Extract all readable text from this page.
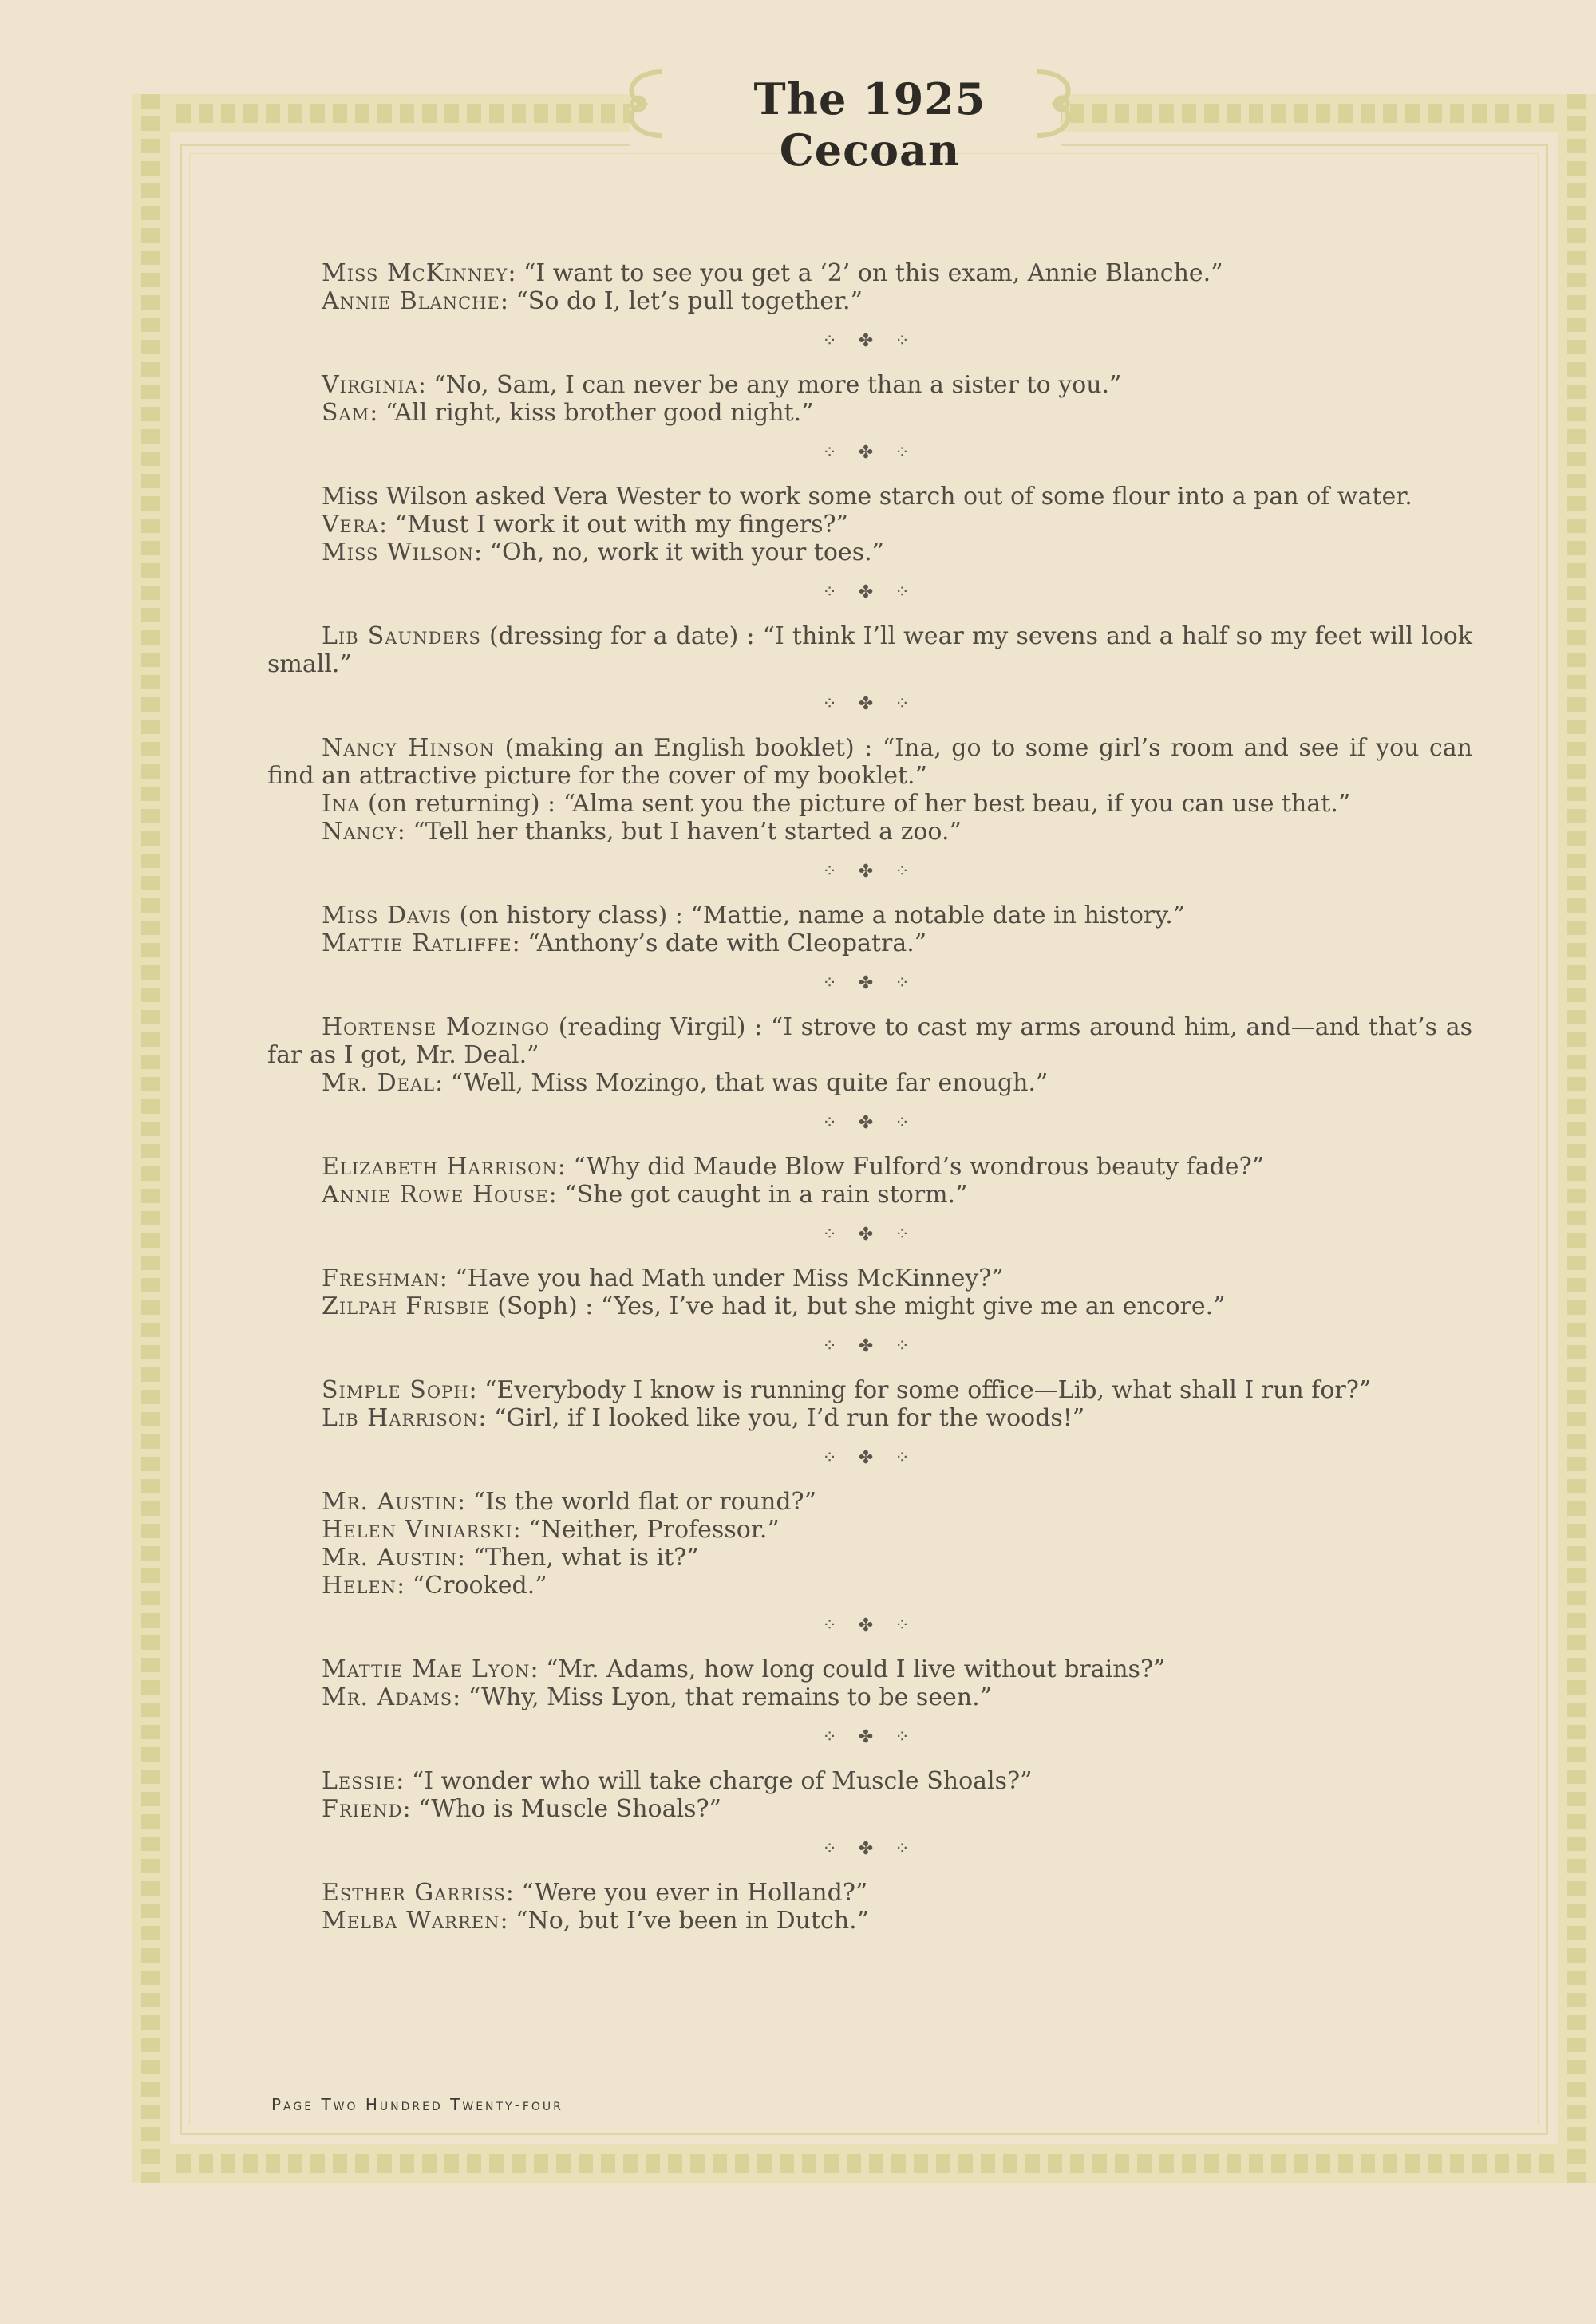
The 1925 Cecoan
Miss McKinney: “I want to see you get a ‘2’ on this exam, Annie Blanche.”
Annie Blanche: “So do I, let’s pull together.”
⁘ ✤ ⁘
Virginia: “No, Sam, I can never be any more than a sister to you.”
Sam: “All right, kiss brother good night.”
⁘ ✤ ⁘
Miss Wilson asked Vera Wester to work some starch out of some flour into a pan of water.
Vera: “Must I work it out with my fingers?”
Miss Wilson: “Oh, no, work it with your toes.”
⁘ ✤ ⁘
Lib Saunders (dressing for a date) : “I think I’ll wear my sevens and a half so my feet will look small.”
⁘ ✤ ⁘
Nancy Hinson (making an English booklet) : “Ina, go to some girl’s room and see if you can find an attractive picture for the cover of my booklet.”
Ina (on returning) : “Alma sent you the picture of her best beau, if you can use that.”
Nancy: “Tell her thanks, but I haven’t started a zoo.”
⁘ ✤ ⁘
Miss Davis (on history class) : “Mattie, name a notable date in history.”
Mattie Ratliffe: “Anthony’s date with Cleopatra.”
⁘ ✤ ⁘
Hortense Mozingo (reading Virgil) : “I strove to cast my arms around him, and—and that’s as far as I got, Mr. Deal.”
Mr. Deal: “Well, Miss Mozingo, that was quite far enough.”
⁘ ✤ ⁘
Elizabeth Harrison: “Why did Maude Blow Fulford’s wondrous beauty fade?”
Annie Rowe House: “She got caught in a rain storm.”
⁘ ✤ ⁘
Freshman: “Have you had Math under Miss McKinney?”
Zilpah Frisbie (Soph) : “Yes, I’ve had it, but she might give me an encore.”
⁘ ✤ ⁘
Simple Soph: “Everybody I know is running for some office—Lib, what shall I run for?”
Lib Harrison: “Girl, if I looked like you, I’d run for the woods!”
⁘ ✤ ⁘
Mr. Austin: “Is the world flat or round?”
Helen Viniarski: “Neither, Professor.”
Mr. Austin: “Then, what is it?”
Helen: “Crooked.”
⁘ ✤ ⁘
Mattie Mae Lyon: “Mr. Adams, how long could I live without brains?”
Mr. Adams: “Why, Miss Lyon, that remains to be seen.”
⁘ ✤ ⁘
Lessie: “I wonder who will take charge of Muscle Shoals?”
Friend: “Who is Muscle Shoals?”
⁘ ✤ ⁘
Esther Garriss: “Were you ever in Holland?”
Melba Warren: “No, but I’ve been in Dutch.”
Page Two Hundred Twenty-four
